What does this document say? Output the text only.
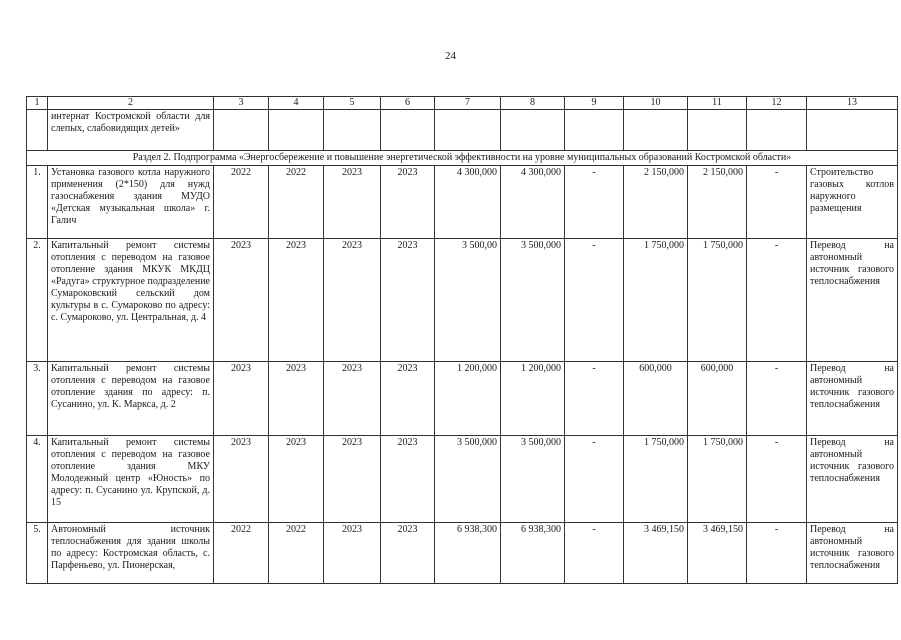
24
1	2	3	4	5	6	7	8	9	10	11	12	13
	интернат Костромской области для слепых, слабовидящих детей»											
Раздел 2. Подпрограмма «Энергосбережение и повышение энергетической эффективности на уровне муниципальных образований Костромской области»												
1.	Установка газового котла наружного применения (2*150) для нужд газоснабжения здания МУДО «Детская музыкальная школа» г. Галич	2022	2022	2023	2023	4 300,000	4 300,000	-	2 150,000	2 150,000	-	Строительство газовых котлов наружного размещения
2.	Капитальный ремонт системы отопления с переводом на газовое отопление здания МКУК МКДЦ «Радуга» структурное подразделение Сумароковский сельский дом культуры в с. Сумароково по адресу: с. Сумароково, ул. Центральная, д. 4	2023	2023	2023	2023	3 500,00	3 500,000	-	1 750,000	1 750,000	-	Перевод на автономный источник газового теплоснабжения
3.	Капитальный ремонт системы отопления с переводом на газовое отопление здания по адресу: п. Сусанино, ул. К. Маркса, д. 2	2023	2023	2023	2023	1 200,000	1 200,000	-	600,000	600,000	-	Перевод на автономный источник газового теплоснабжения
4.	Капитальный ремонт системы отопления с переводом на газовое отопление здания МКУ Молодежный центр «Юность» по адресу: п. Сусанино ул. Крупской, д. 15	2023	2023	2023	2023	3 500,000	3 500,000	-	1 750,000	1 750,000	-	Перевод на автономный источник газового теплоснабжения
5.	Автономный источник теплоснабжения для здания школы по адресу: Костромская область, с. Парфеньево, ул. Пионерская,	2022	2022	2023	2023	6 938,300	6 938,300	-	3 469,150	3 469,150	-	Перевод на автономный источник газового теплоснабжения
